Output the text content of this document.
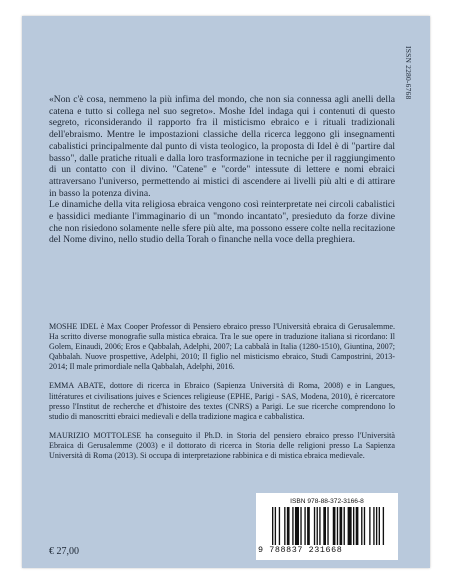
ISSN 2280-6768

«Non c'è cosa, nemmeno la più infima del mondo, che non sia connessa agli anelli della catena e tutto si collega nel suo segreto». Moshe Idel indaga qui i contenuti di questo segreto, riconsiderando il rapporto fra il misticismo ebraico e i rituali tradizionali dell'ebraismo. Mentre le impostazioni classiche della ricerca leggono gli insegnamenti cabalistici principalmente dal punto di vista teologico, la proposta di Idel è di "partire dal basso", dalle pratiche rituali e dalla loro trasformazione in tecniche per il raggiungimento di un contatto con il divino. "Catene" e "corde" intessute di lettere e nomi ebraici attraversano l'universo, permettendo ai mistici di ascendere ai livelli più alti e di attirare in basso la potenza divina.

Le dinamiche della vita religiosa ebraica vengono così reinterpretate nei circoli cabalistici e ḥassidici mediante l'immaginario di un "mondo incantato", presieduto da forze divine che non risiedono solamente nelle sfere più alte, ma possono essere colte nella recitazione del Nome divino, nello studio della Torah o finanche nella voce della preghiera.

MOSHE IDEL è Max Cooper Professor di Pensiero ebraico presso l'Università ebraica di Gerusalemme. Ha scritto diverse monografie sulla mistica ebraica. Tra le sue opere in traduzione italiana si ricordano: Il Golem, Einaudi, 2006; Eros e Qabbalah, Adelphi, 2007; La cabbalà in Italia (1280-1510), Giuntina, 2007; Qabbalah. Nuove prospettive, Adelphi, 2010; Il figlio nel misticismo ebraico, Studi Campostrini, 2013-2014; Il male primordiale nella Qabbalah, Adelphi, 2016.

EMMA ABATE, dottore di ricerca in Ebraico (Sapienza Università di Roma, 2008) e in Langues, littératures et civilisations juives e Sciences religieuse (EPHE, Parigi - SAS, Modena, 2010), è ricercatore presso l'Institut de recherche et d'histoire des textes (CNRS) a Parigi. Le sue ricerche comprendono lo studio di manoscritti ebraici medievali e della tradizione magica e cabbalistica.

MAURIZIO MOTTOLESE ha conseguito il Ph.D. in Storia del pensiero ebraico presso l'Università Ebraica di Gerusalemme (2003) e il dottorato di ricerca in Storia delle religioni presso La Sapienza Università di Roma (2013). Si occupa di interpretazione rabbinica e di mistica ebraica medievale.

€ 27,00
ISBN 978-88-372-3166-8
9 788837 231668
